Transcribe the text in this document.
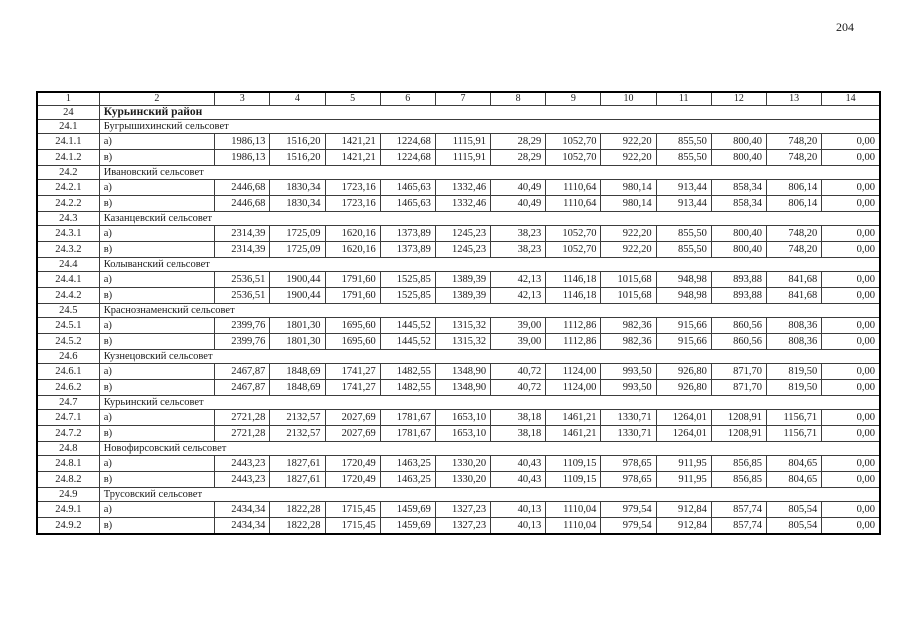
204
1	2	3	4	5	6	7	8	9	10	11	12	13	14
24	Курьинский район												
24.1	Бугрышихинский сельсовет												
24.1.1	а)	1986,13	1516,20	1421,21	1224,68	1115,91	28,29	1052,70	922,20	855,50	800,40	748,20	0,00
24.1.2	в)	1986,13	1516,20	1421,21	1224,68	1115,91	28,29	1052,70	922,20	855,50	800,40	748,20	0,00
24.2	Ивановский сельсовет												
24.2.1	а)	2446,68	1830,34	1723,16	1465,63	1332,46	40,49	1110,64	980,14	913,44	858,34	806,14	0,00
24.2.2	в)	2446,68	1830,34	1723,16	1465,63	1332,46	40,49	1110,64	980,14	913,44	858,34	806,14	0,00
24.3	Казанцевский сельсовет												
24.3.1	а)	2314,39	1725,09	1620,16	1373,89	1245,23	38,23	1052,70	922,20	855,50	800,40	748,20	0,00
24.3.2	в)	2314,39	1725,09	1620,16	1373,89	1245,23	38,23	1052,70	922,20	855,50	800,40	748,20	0,00
24.4	Колыванский сельсовет												
24.4.1	а)	2536,51	1900,44	1791,60	1525,85	1389,39	42,13	1146,18	1015,68	948,98	893,88	841,68	0,00
24.4.2	в)	2536,51	1900,44	1791,60	1525,85	1389,39	42,13	1146,18	1015,68	948,98	893,88	841,68	0,00
24.5	Краснознаменский сельсовет												
24.5.1	а)	2399,76	1801,30	1695,60	1445,52	1315,32	39,00	1112,86	982,36	915,66	860,56	808,36	0,00
24.5.2	в)	2399,76	1801,30	1695,60	1445,52	1315,32	39,00	1112,86	982,36	915,66	860,56	808,36	0,00
24.6	Кузнецовский сельсовет												
24.6.1	а)	2467,87	1848,69	1741,27	1482,55	1348,90	40,72	1124,00	993,50	926,80	871,70	819,50	0,00
24.6.2	в)	2467,87	1848,69	1741,27	1482,55	1348,90	40,72	1124,00	993,50	926,80	871,70	819,50	0,00
24.7	Курьинский сельсовет												
24.7.1	а)	2721,28	2132,57	2027,69	1781,67	1653,10	38,18	1461,21	1330,71	1264,01	1208,91	1156,71	0,00
24.7.2	в)	2721,28	2132,57	2027,69	1781,67	1653,10	38,18	1461,21	1330,71	1264,01	1208,91	1156,71	0,00
24.8	Новофирсовский сельсовет												
24.8.1	а)	2443,23	1827,61	1720,49	1463,25	1330,20	40,43	1109,15	978,65	911,95	856,85	804,65	0,00
24.8.2	в)	2443,23	1827,61	1720,49	1463,25	1330,20	40,43	1109,15	978,65	911,95	856,85	804,65	0,00
24.9	Трусовский сельсовет												
24.9.1	а)	2434,34	1822,28	1715,45	1459,69	1327,23	40,13	1110,04	979,54	912,84	857,74	805,54	0,00
24.9.2	в)	2434,34	1822,28	1715,45	1459,69	1327,23	40,13	1110,04	979,54	912,84	857,74	805,54	0,00
